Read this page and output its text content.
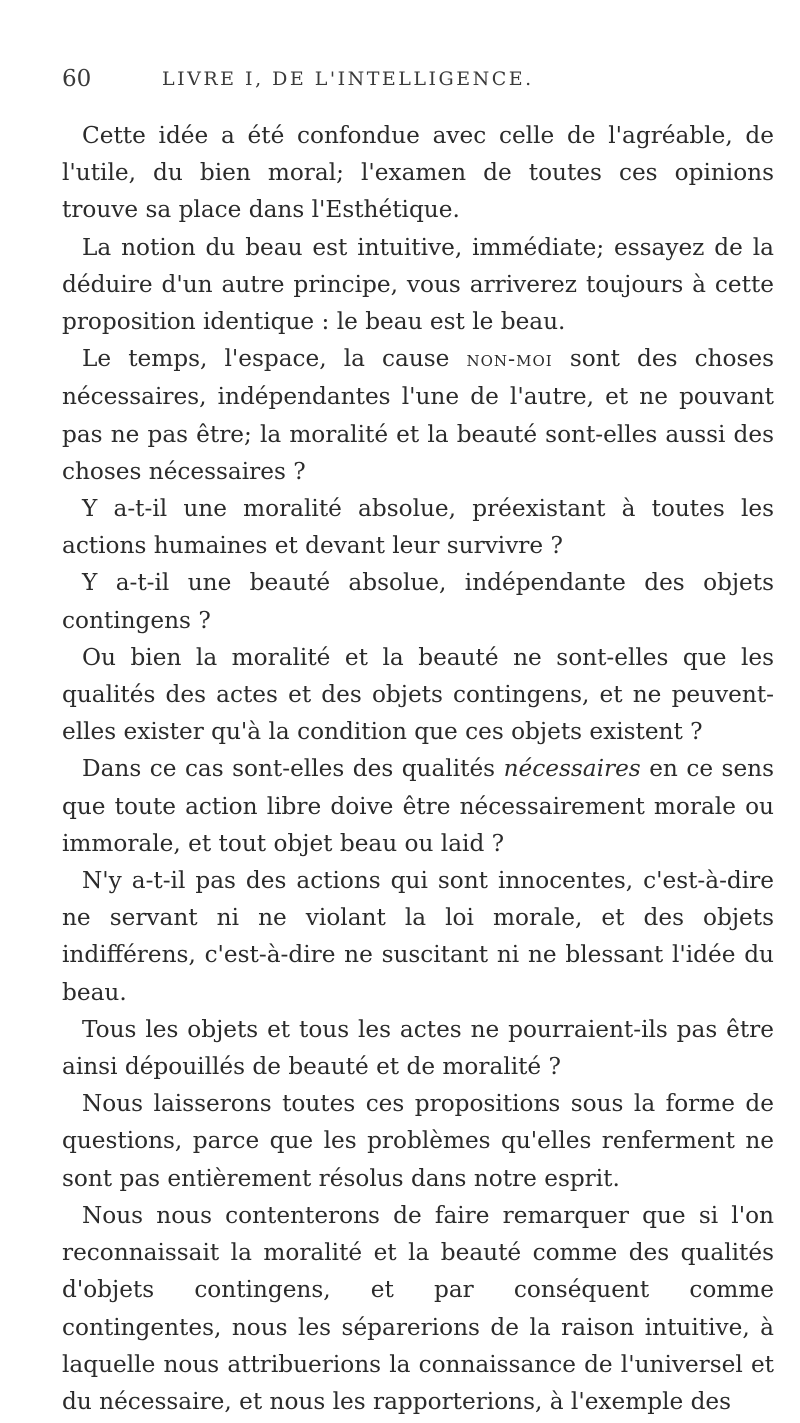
60	LIVRE I, DE L'INTELLIGENCE.

Cette idée a été confondue avec celle de l'agréable, de l'utile, du bien moral; l'examen de toutes ces opinions trouve sa place dans l'Esthétique.

La notion du beau est intuitive, immédiate; essayez de la déduire d'un autre principe, vous arriverez toujours à cette proposition identique : le beau est le beau.

Le temps, l'espace, la cause non-moi sont des choses nécessaires, indépendantes l'une de l'autre, et ne pouvant pas ne pas être; la moralité et la beauté sont-elles aussi des choses nécessaires ?

Y a-t-il une moralité absolue, préexistant à toutes les actions humaines et devant leur survivre ?

Y a-t-il une beauté absolue, indépendante des objets contingens ?

Ou bien la moralité et la beauté ne sont-elles que les qualités des actes et des objets contingens, et ne peuvent-elles exister qu'à la condition que ces objets existent ?

Dans ce cas sont-elles des qualités nécessaires en ce sens que toute action libre doive être nécessairement morale ou immorale, et tout objet beau ou laid ?

N'y a-t-il pas des actions qui sont innocentes, c'est-à-dire ne servant ni ne violant la loi morale, et des objets indifférens, c'est-à-dire ne suscitant ni ne blessant l'idée du beau.

Tous les objets et tous les actes ne pourraient-ils pas être ainsi dépouillés de beauté et de moralité ?

Nous laisserons toutes ces propositions sous la forme de questions, parce que les problèmes qu'elles renferment ne sont pas entièrement résolus dans notre esprit.

Nous nous contenterons de faire remarquer que si l'on reconnaissait la moralité et la beauté comme des qualités d'objets contingens, et par conséquent comme contingentes, nous les séparerions de la raison intuitive, à laquelle nous attribuerions la connaissance de l'universel et du nécessaire, et nous les rapporterions, à l'exemple des
